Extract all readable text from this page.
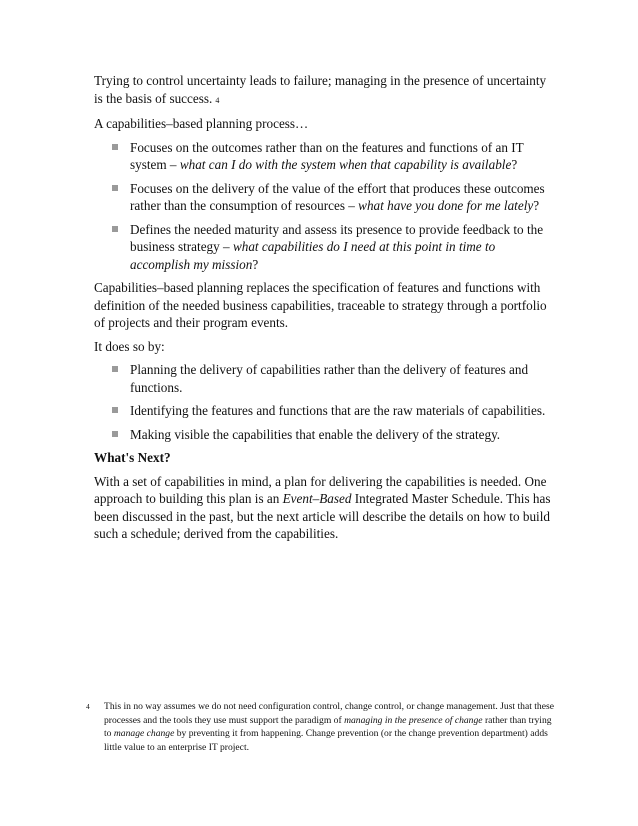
Trying to control uncertainty leads to failure; managing in the presence of uncertainty is the basis of success. 4

A capabilities–based planning process…

Focuses on the outcomes rather than on the features and functions of an IT system – what can I do with the system when that capability is available?
Focuses on the delivery of the value of the effort that produces these outcomes rather than the consumption of resources – what have you done for me lately?
Defines the needed maturity and assess its presence to provide feedback to the business strategy – what capabilities do I need at this point in time to accomplish my mission?

Capabilities–based planning replaces the specification of features and functions with definition of the needed business capabilities, traceable to strategy through a portfolio of projects and their program events.

It does so by:

Planning the delivery of capabilities rather than the delivery of features and functions.
Identifying the features and functions that are the raw materials of capabilities.
Making visible the capabilities that enable the delivery of the strategy.

What's Next?

With a set of capabilities in mind, a plan for delivering the capabilities is needed. One approach to building this plan is an Event–Based Integrated Master Schedule. This has been discussed in the past, but the next article will describe the details on how to build such a schedule; derived from the capabilities.

4 This in no way assumes we do not need configuration control, change control, or change management. Just that these processes and the tools they use must support the paradigm of managing in the presence of change rather than trying to manage change by preventing it from happening. Change prevention (or the change prevention department) adds little value to an enterprise IT project.
